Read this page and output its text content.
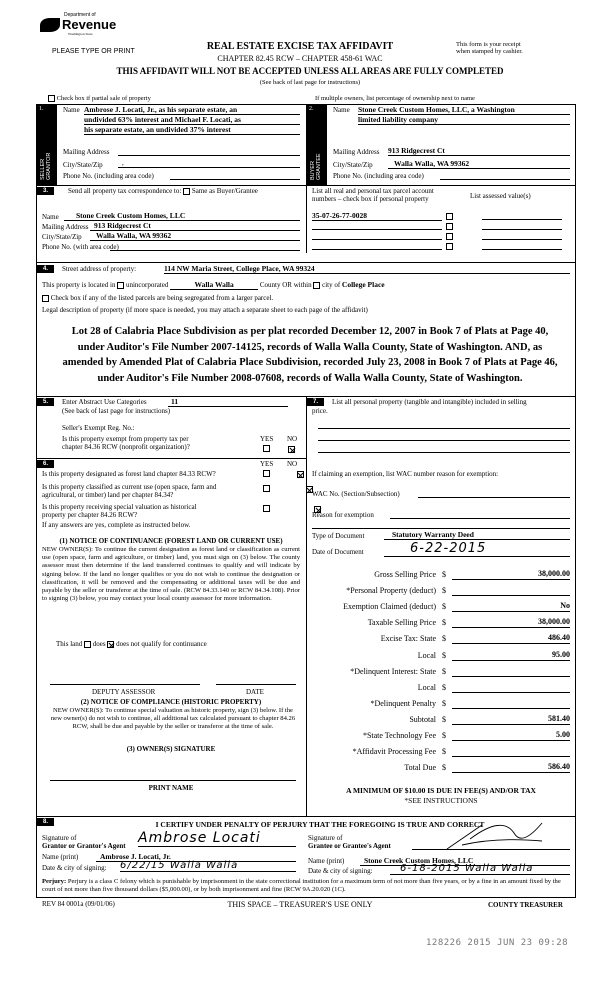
Department of
Revenue
Washington State
PLEASE TYPE OR PRINT	REAL ESTATE EXCISE TAX AFFIDAVIT
CHAPTER 82.45 RCW – CHAPTER 458-61 WAC
This form is your receipt
when stamped by cashier.
THIS AFFIDAVIT WILL NOT BE ACCEPTED UNLESS ALL AREAS ARE FULLY COMPLETED
(See back of last page for instructions)
Check box if partial sale of property	If multiple owners, list percentage of ownership next to name
1.
SELLER GRANTOR
Name Ambrose J. Locati, Jr., as his separate estate, an
undivided 63% interest and Michael F. Locati, as
his separate estate, an undivided 37% interest
Mailing Address
City/State/Zip	,
Phone No. (including area code)
2.
BUYER GRANTEE
Name Stone Creek Custom Homes, LLC, a Washington
limited liability company
Mailing Address 913 Ridgecrest Ct
City/State/Zip	Walla Walla, WA 99362
Phone No. (including area code)
3.	Send all property tax correspondence to: Same as Buyer/Grantee	List all real and personal tax parcel account
numbers – check box if personal property	List assessed value(s)
Name	Stone Creek Custom Homes, LLC
Mailing Address 913 Ridgecrest Ct
City/State/Zip	Walla Walla, WA 99362
Phone No. (with area code)
35-07-26-77-0028
4.	Street address of property:	114 NW Maria Street, College Place, WA 99324
This property is located in unincorporated	Walla Walla	County OR within city of College Place
Check box if any of the listed parcels are being segregated from a larger parcel.
Legal description of property (if more space is needed, you may attach a separate sheet to each page of the affidavit)
Lot 28 of Calabria Place Subdivision as per plat recorded December 12, 2007 in Book 7 of Plats at Page 40, under Auditor's File Number 2007-14125, records of Walla Walla County, State of Washington. AND, as amended by Amended Plat of Calabria Place Subdivision, recorded July 23, 2008 in Book 7 of Plats at Page 46, under Auditor's File Number 2008-07608, records of Walla Walla County, State of Washington.
5.	Enter Abstract Use Categories	11
(See back of last page for instructions)
Seller's Exempt Reg. No.:
Is this property exempt from property tax per
chapter 84.36 RCW (nonprofit organization)?
YES NO

7.	List all personal property (tangible and intangible) included in selling
price.
6.	YES NO
Is this property designated as forest land chapter 84.33 RCW?

Is this property classified as current use (open space, farm and
agricultural, or timber) land per chapter 84.34?

Is this property receiving special valuation as historical
property per chapter 84.26 RCW?
If any answers are yes, complete as instructed below.
(1) NOTICE OF CONTINUANCE (FOREST LAND OR CURRENT USE)
NEW OWNER(S): To continue the current designation as forest land or classification as current use (open space, farm and agriculture, or timber) land, you must sign on (3) below. The county assessor must then determine if the land transferred continues to qualify and will indicate by signing below. If the land no longer qualifies or you do not wish to continue the designation or classification, it will be removed and the compensating or additional taxes will be due and payable by the seller or transferor at the time of sale. (RCW 84.33.140 or RCW 84.34.108). Prior to signing (3) below, you may contact your local county assessor for more information.
This land does does not qualify for continuance
DEPUTY ASSESSOR	DATE
(2) NOTICE OF COMPLIANCE (HISTORIC PROPERTY)
NEW OWNER(S): To continue special valuation as historic property, sign (3) below. If the new owner(s) do not wish to continue, all additional tax calculated pursuant to chapter 84.26 RCW, shall be due and payable by the seller or transferor at the time of sale.
(3) OWNER(S) SIGNATURE
PRINT NAME
If claiming an exemption, list WAC number reason for exemption:
WAC No. (Section/Subsection)
Reason for exemption
Type of Document	Statutory Warranty Deed
Date of Document	6-22-2015
Gross Selling Price $	38,000.00
*Personal Property (deduct) $
Exemption Claimed (deduct) $	No
Taxable Selling Price $	38,000.00
Excise Tax: State $	486.40
Local $	95.00
*Delinquent Interest: State $
Local $
*Delinquent Penalty $
Subtotal $	581.40
*State Technology Fee $	5.00
*Affidavit Processing Fee $
Total Due $	586.40
A MINIMUM OF $10.00 IS DUE IN FEE(S) AND/OR TAX
*SEE INSTRUCTIONS
8.	I CERTIFY UNDER PENALTY OF PERJURY THAT THE FOREGOING IS TRUE AND CORRECT
Signature of
Grantor or Grantor's Agent Ambrose Locati
Name (print)	Ambrose J. Locati, Jr.
Date & city of signing: 6/22/15 Walla Walla
Signature of
Grantee or Grantee's Agent
Name (print)	Stone Creek Custom Homes, LLC
Date & city of signing:	6-18-2015 Walla Walla
Perjury: Perjury is a class C felony which is punishable by imprisonment in the state correctional institution for a maximum term of not more than five years, or by a fine in an amount fixed by the court of not more than five thousand dollars ($5,000.00), or by both imprisonment and fine (RCW 9A.20.020 (1C).
REV 84 0001a (09/01/06)	THIS SPACE – TREASURER'S USE ONLY	COUNTY TREASURER
128226 2015 JUN 23 09:28
